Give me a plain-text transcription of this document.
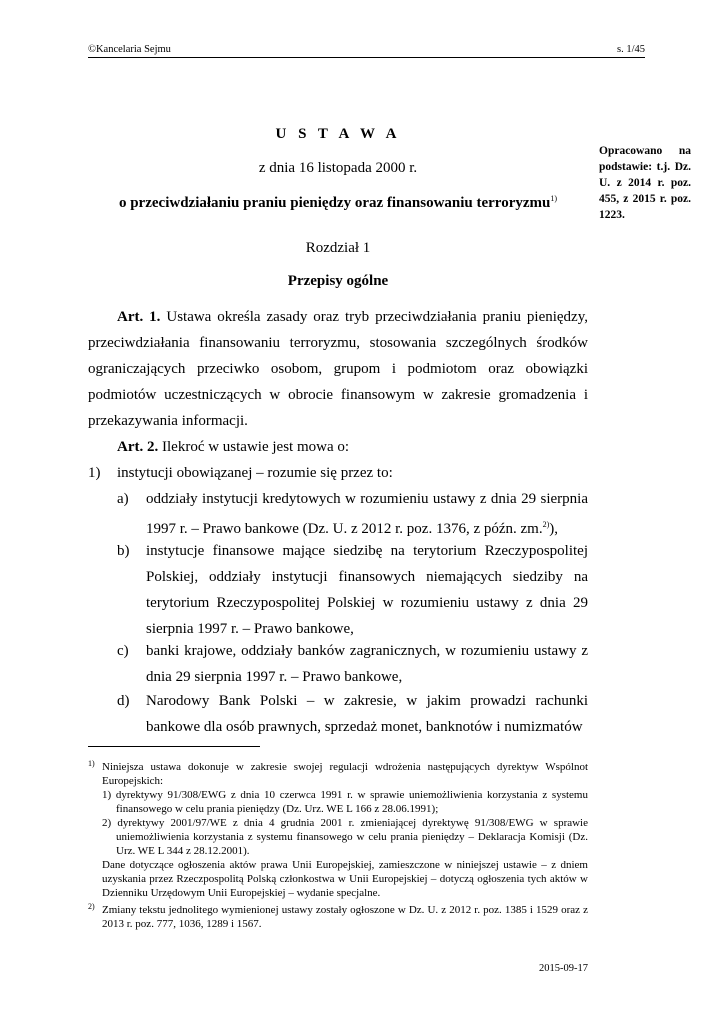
©Kancelaria Sejmu	s. 1/45
U S T A W A
z dnia 16 listopada 2000 r.
o przeciwdziałaniu praniu pieniędzy oraz finansowaniu terroryzmu$^{1)}$
Opracowano na podstawie: t.j. Dz. U. z 2014 r. poz. 455, z 2015 r. poz. 1223.
Rozdział 1
Przepisy ogólne
Art. 1. Ustawa określa zasady oraz tryb przeciwdziałania praniu pieniędzy, przeciwdziałania finansowaniu terroryzmu, stosowania szczególnych środków ograniczających przeciwko osobom, grupom i podmiotom oraz obowiązki podmiotów uczestniczących w obrocie finansowym w zakresie gromadzenia i przekazywania informacji.
Art. 2. Ilekroć w ustawie jest mowa o:
1) instytucji obowiązanej – rozumie się przez to:
a) oddziały instytucji kredytowych w rozumieniu ustawy z dnia 29 sierpnia 1997 r. – Prawo bankowe (Dz. U. z 2012 r. poz. 1376, z późn. zm.$^{2)}$),
b) instytucje finansowe mające siedzibę na terytorium Rzeczypospolitej Polskiej, oddziały instytucji finansowych niemających siedziby na terytorium Rzeczypospolitej Polskiej w rozumieniu ustawy z dnia 29 sierpnia 1997 r. – Prawo bankowe,
c) banki krajowe, oddziały banków zagranicznych, w rozumieniu ustawy z dnia 29 sierpnia 1997 r. – Prawo bankowe,
d) Narodowy Bank Polski – w zakresie, w jakim prowadzi rachunki bankowe dla osób prawnych, sprzedaż monet, banknotów i numizmatów
1) Niniejsza ustawa dokonuje w zakresie swojej regulacji wdrożenia następujących dyrektyw Wspólnot Europejskich:
1) dyrektywy 91/308/EWG z dnia 10 czerwca 1991 r. w sprawie uniemożliwienia korzystania z systemu finansowego w celu prania pieniędzy (Dz. Urz. WE L 166 z 28.06.1991);
2) dyrektywy 2001/97/WE z dnia 4 grudnia 2001 r. zmieniającej dyrektywę 91/308/EWG w sprawie uniemożliwienia korzystania z systemu finansowego w celu prania pieniędzy – Deklaracja Komisji (Dz. Urz. WE L 344 z 28.12.2001).
Dane dotyczące ogłoszenia aktów prawa Unii Europejskiej, zamieszczone w niniejszej ustawie – z dniem uzyskania przez Rzeczpospolitą Polską członkostwa w Unii Europejskiej – dotyczą ogłoszenia tych aktów w Dzienniku Urzędowym Unii Europejskiej – wydanie specjalne.
2) Zmiany tekstu jednolitego wymienionej ustawy zostały ogłoszone w Dz. U. z 2012 r. poz. 1385 i 1529 oraz z 2013 r. poz. 777, 1036, 1289 i 1567.
2015-09-17
